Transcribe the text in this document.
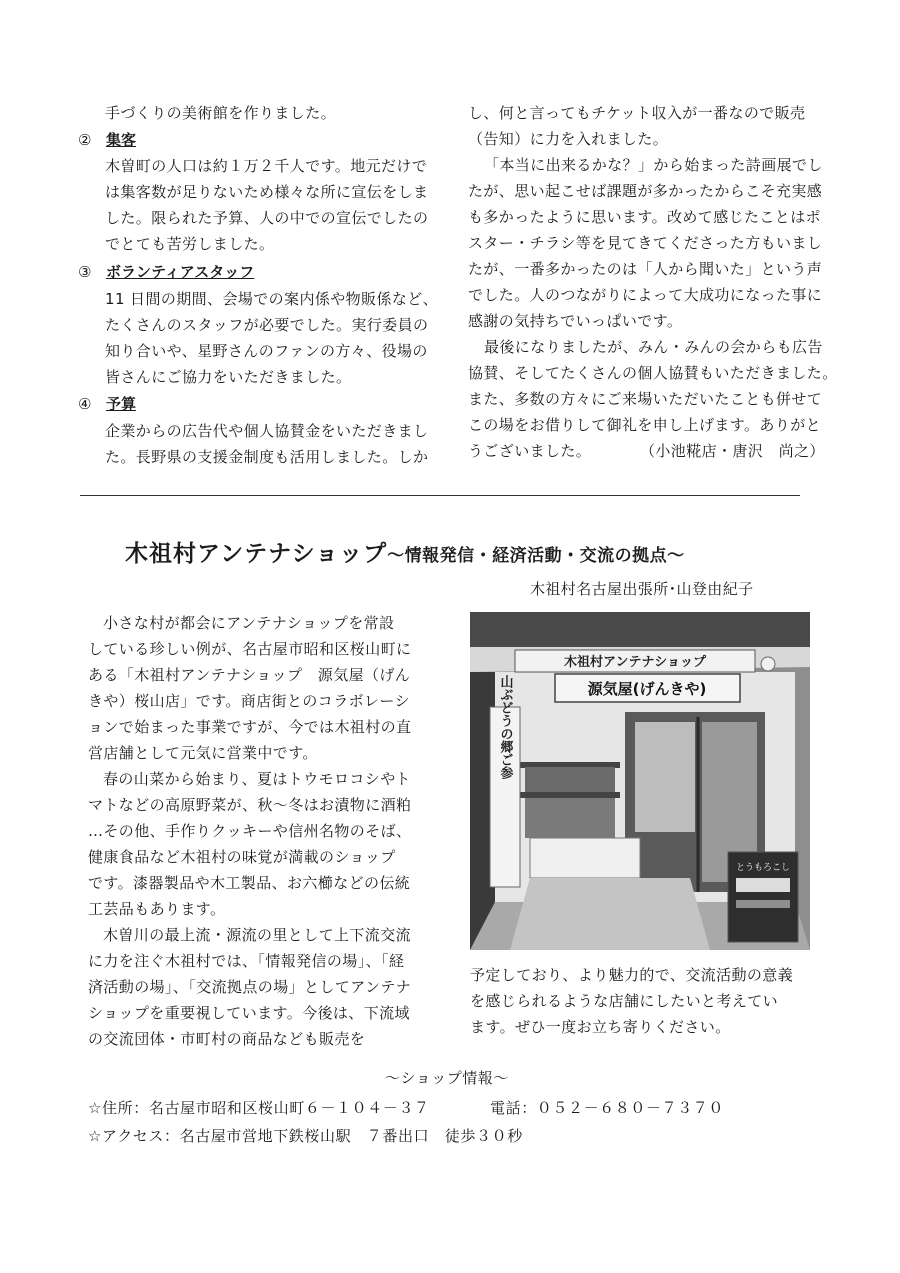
手づくりの美術館を作りました。
② 集客
木曽町の人口は約１万２千人です。地元だけで
は集客数が足りないため様々な所に宣伝をしま
した。限られた予算、人の中での宣伝でしたの
でとても苦労しました。
③ ボランティアスタッフ
11 日間の期間、会場での案内係や物販係など、
たくさんのスタッフが必要でした。実行委員の
知り合いや、星野さんのファンの方々、役場の
皆さんにご協力をいただきました。
④ 予算
企業からの広告代や個人協賛金をいただきまし
た。長野県の支援金制度も活用しました。しか
し、何と言ってもチケット収入が一番なので販売
（告知）に力を入れました。
「本当に出来るかな？」から始まった詩画展でし
たが、思い起こせば課題が多かったからこそ充実感
も多かったように思います。改めて感じたことはポ
スター・チラシ等を見てきてくださった方もいまし
たが、一番多かったのは「人から聞いた」という声
でした。人のつながりによって大成功になった事に
感謝の気持ちでいっぱいです。
最後になりましたが、みん・みんの会からも広告
協賛、そしてたくさんの個人協賛もいただきました。
また、多数の方々にご来場いただいたことも併せて
この場をお借りして御礼を申し上げます。ありがと
うございました。	（小池糀店・唐沢　尚之）
木祖村アンテナショップ～情報発信・経済活動・交流の拠点～
木祖村名古屋出張所･山登由紀子
小さな村が都会にアンテナショップを常設
している珍しい例が、名古屋市昭和区桜山町に
ある「木祖村アンテナショップ　源気屋（げん
きや）桜山店」です。商店街とのコラボレーシ
ョンで始まった事業ですが、今では木祖村の直
営店舗として元気に営業中です。
春の山菜から始まり、夏はトウモロコシやト
マトなどの高原野菜が、秋～冬はお漬物に酒粕
…その他、手作りクッキーや信州名物のそば、
健康食品など木祖村の味覚が満載のショップ
です。漆器製品や木工製品、お六櫛などの伝統
工芸品もあります。
木曽川の最上流・源流の里として上下流交流
に力を注ぐ木祖村では、「情報発信の場」、「経
済活動の場」、「交流拠点の場」としてアンテナ
ショップを重要視しています。今後は、下流域
の交流団体・市町村の商品なども販売を
木祖村アンテナショップ
源気屋(げんきや)
山ぶどうの郷ご参
とうもろこし
予定しており、より魅力的で、交流活動の意義
を感じられるような店舗にしたいと考えてい
ます。ぜひ一度お立ち寄りください。
～ショップ情報～
☆住所：名古屋市昭和区桜山町６－１０４－３７	電話：０５２－６８０－７３７０
☆アクセス：名古屋市営地下鉄桜山駅　７番出口　徒歩３０秒
